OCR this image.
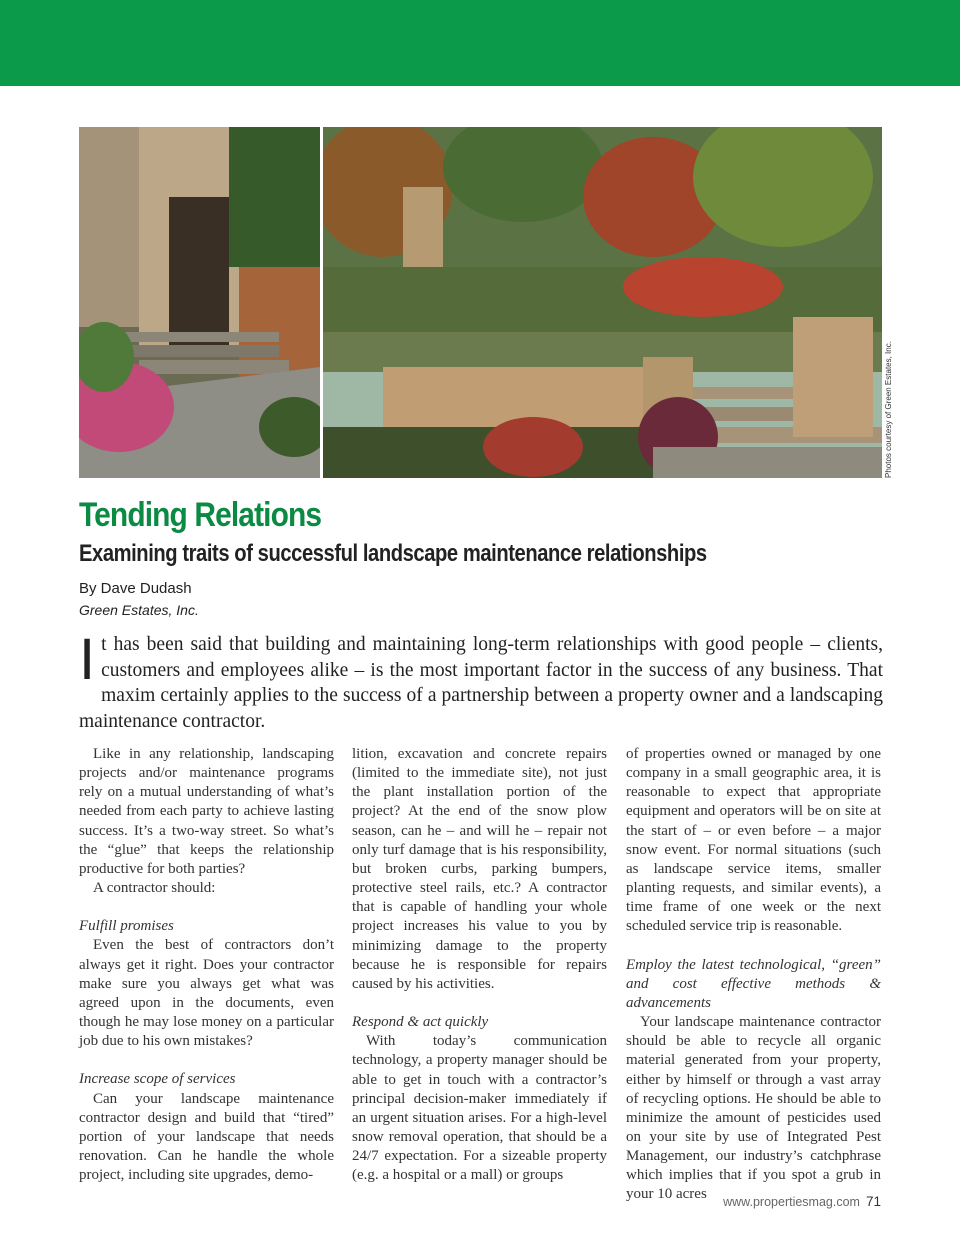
Photos courtesy of Green Estates, Inc.
Tending Relations
Examining traits of successful landscape maintenance relationships
By Dave Dudash
Green Estates, Inc.

It has been said that building and maintaining long-term relationships with good people – clients, customers and employees alike – is the most important factor in the success of any business. That maxim certainly applies to the success of a partnership between a property owner and a landscaping maintenance contractor.

Like in any relationship, landscaping projects and/or maintenance programs rely on a mutual understanding of what’s needed from each party to achieve lasting success. It’s a two-way street. So what’s the “glue” that keeps the relationship productive for both parties?

A contractor should:

Fulfill promises

Even the best of contractors don’t always get it right. Does your contractor make sure you always get what was agreed upon in the documents, even though he may lose money on a particular job due to his own mistakes?

Increase scope of services

Can your landscape maintenance contractor design and build that “tired” portion of your landscape that needs renovation. Can he handle the whole project, including site upgrades, demo-

lition, excavation and concrete repairs (limited to the immediate site), not just the plant installation portion of the project? At the end of the snow plow season, can he – and will he – repair not only turf damage that is his responsibility, but broken curbs, parking bumpers, protective steel rails, etc.? A contractor that is capable of handling your whole project increases his value to you by minimizing damage to the property because he is responsible for repairs caused by his activities.

Respond & act quickly

With today’s communication technology, a property manager should be able to get in touch with a contractor’s principal decision-maker immediately if an urgent situation arises. For a high-level snow removal operation, that should be a 24/7 expectation. For a sizeable property (e.g. a hospital or a mall) or groups

of properties owned or managed by one company in a small geographic area, it is reasonable to expect that appropriate equipment and operators will be on site at the start of – or even before – a major snow event. For normal situations (such as landscape service items, smaller planting requests, and similar events), a time frame of one week or the next scheduled service trip is reasonable.

Employ the latest technological, “green” and cost effective methods & advancements

Your landscape maintenance contractor should be able to recycle all organic material generated from your property, either by himself or through a vast array of recycling options. He should be able to minimize the amount of pesticides used on your site by use of Integrated Pest Management, our industry’s catchphrase which implies that if you spot a grub in your 10 acres	www.propertiesmag.com 71
